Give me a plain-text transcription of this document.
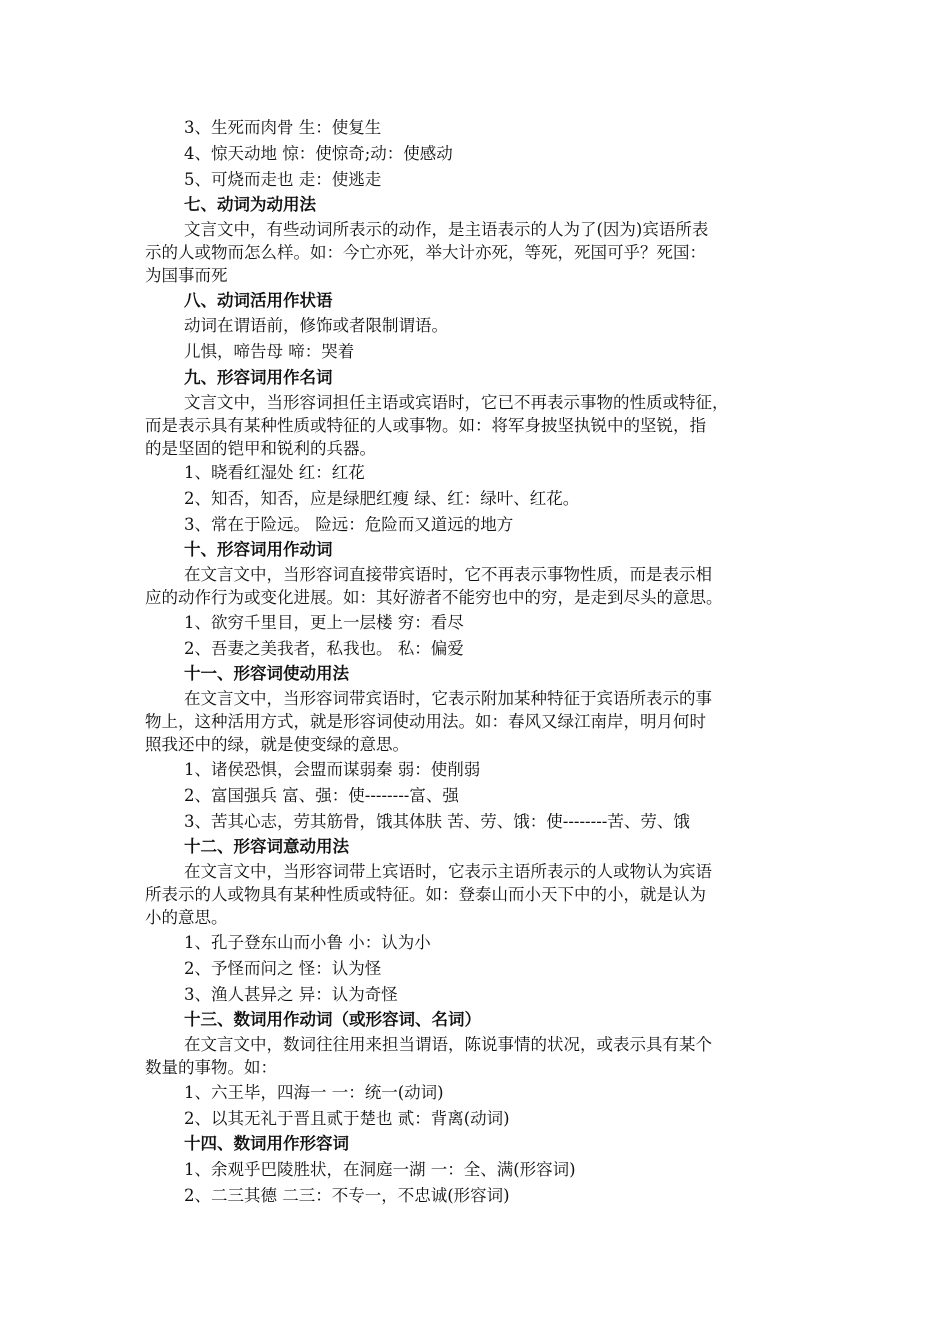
3、生死而肉骨 生：使复生

4、惊天动地 惊：使惊奇;动：使感动

5、可烧而走也 走：使逃走

七、动词为动用法

文言文中，有些动词所表示的动作，是主语表示的人为了(因为)宾语所表

示的人或物而怎么样。如：今亡亦死，举大计亦死，等死，死国可乎？死国：

为国事而死

八、动词活用作状语

动词在谓语前，修饰或者限制谓语。

儿惧，啼告母 啼：哭着

九、形容词用作名词

文言文中，当形容词担任主语或宾语时，它已不再表示事物的性质或特征，

而是表示具有某种性质或特征的人或事物。如：将军身披坚执锐中的坚锐，指

的是坚固的铠甲和锐利的兵器。

1、晓看红湿处 红：红花

2、知否，知否，应是绿肥红瘦 绿、红：绿叶、红花。

3、常在于险远。 险远：危险而又道远的地方

十、形容词用作动词

在文言文中，当形容词直接带宾语时，它不再表示事物性质，而是表示相

应的动作行为或变化进展。如：其好游者不能穷也中的穷，是走到尽头的意思。

1、欲穷千里目，更上一层楼 穷：看尽

2、吾妻之美我者，私我也。 私：偏爱

十一、形容词使动用法

在文言文中，当形容词带宾语时，它表示附加某种特征于宾语所表示的事

物上，这种活用方式，就是形容词使动用法。如：春风又绿江南岸，明月何时

照我还中的绿，就是使变绿的意思。

1、诸侯恐惧，会盟而谋弱秦 弱：使削弱

2、富国强兵 富、强：使--------富、强

3、苦其心志，劳其筋骨，饿其体肤 苦、劳、饿：使--------苦、劳、饿

十二、形容词意动用法

在文言文中，当形容词带上宾语时，它表示主语所表示的人或物认为宾语

所表示的人或物具有某种性质或特征。如：登泰山而小天下中的小，就是认为

小的意思。

1、孔子登东山而小鲁 小：认为小

2、予怪而问之 怪：认为怪

3、渔人甚异之 异：认为奇怪

十三、数词用作动词（或形容词、名词）

在文言文中，数词往往用来担当谓语，陈说事情的状况，或表示具有某个

数量的事物。如：

1、六王毕，四海一 一：统一(动词)

2、以其无礼于晋且贰于楚也 贰：背离(动词)

十四、数词用作形容词

1、余观乎巴陵胜状，在洞庭一湖 一：全、满(形容词)

2、二三其德 二三：不专一，不忠诚(形容词)
